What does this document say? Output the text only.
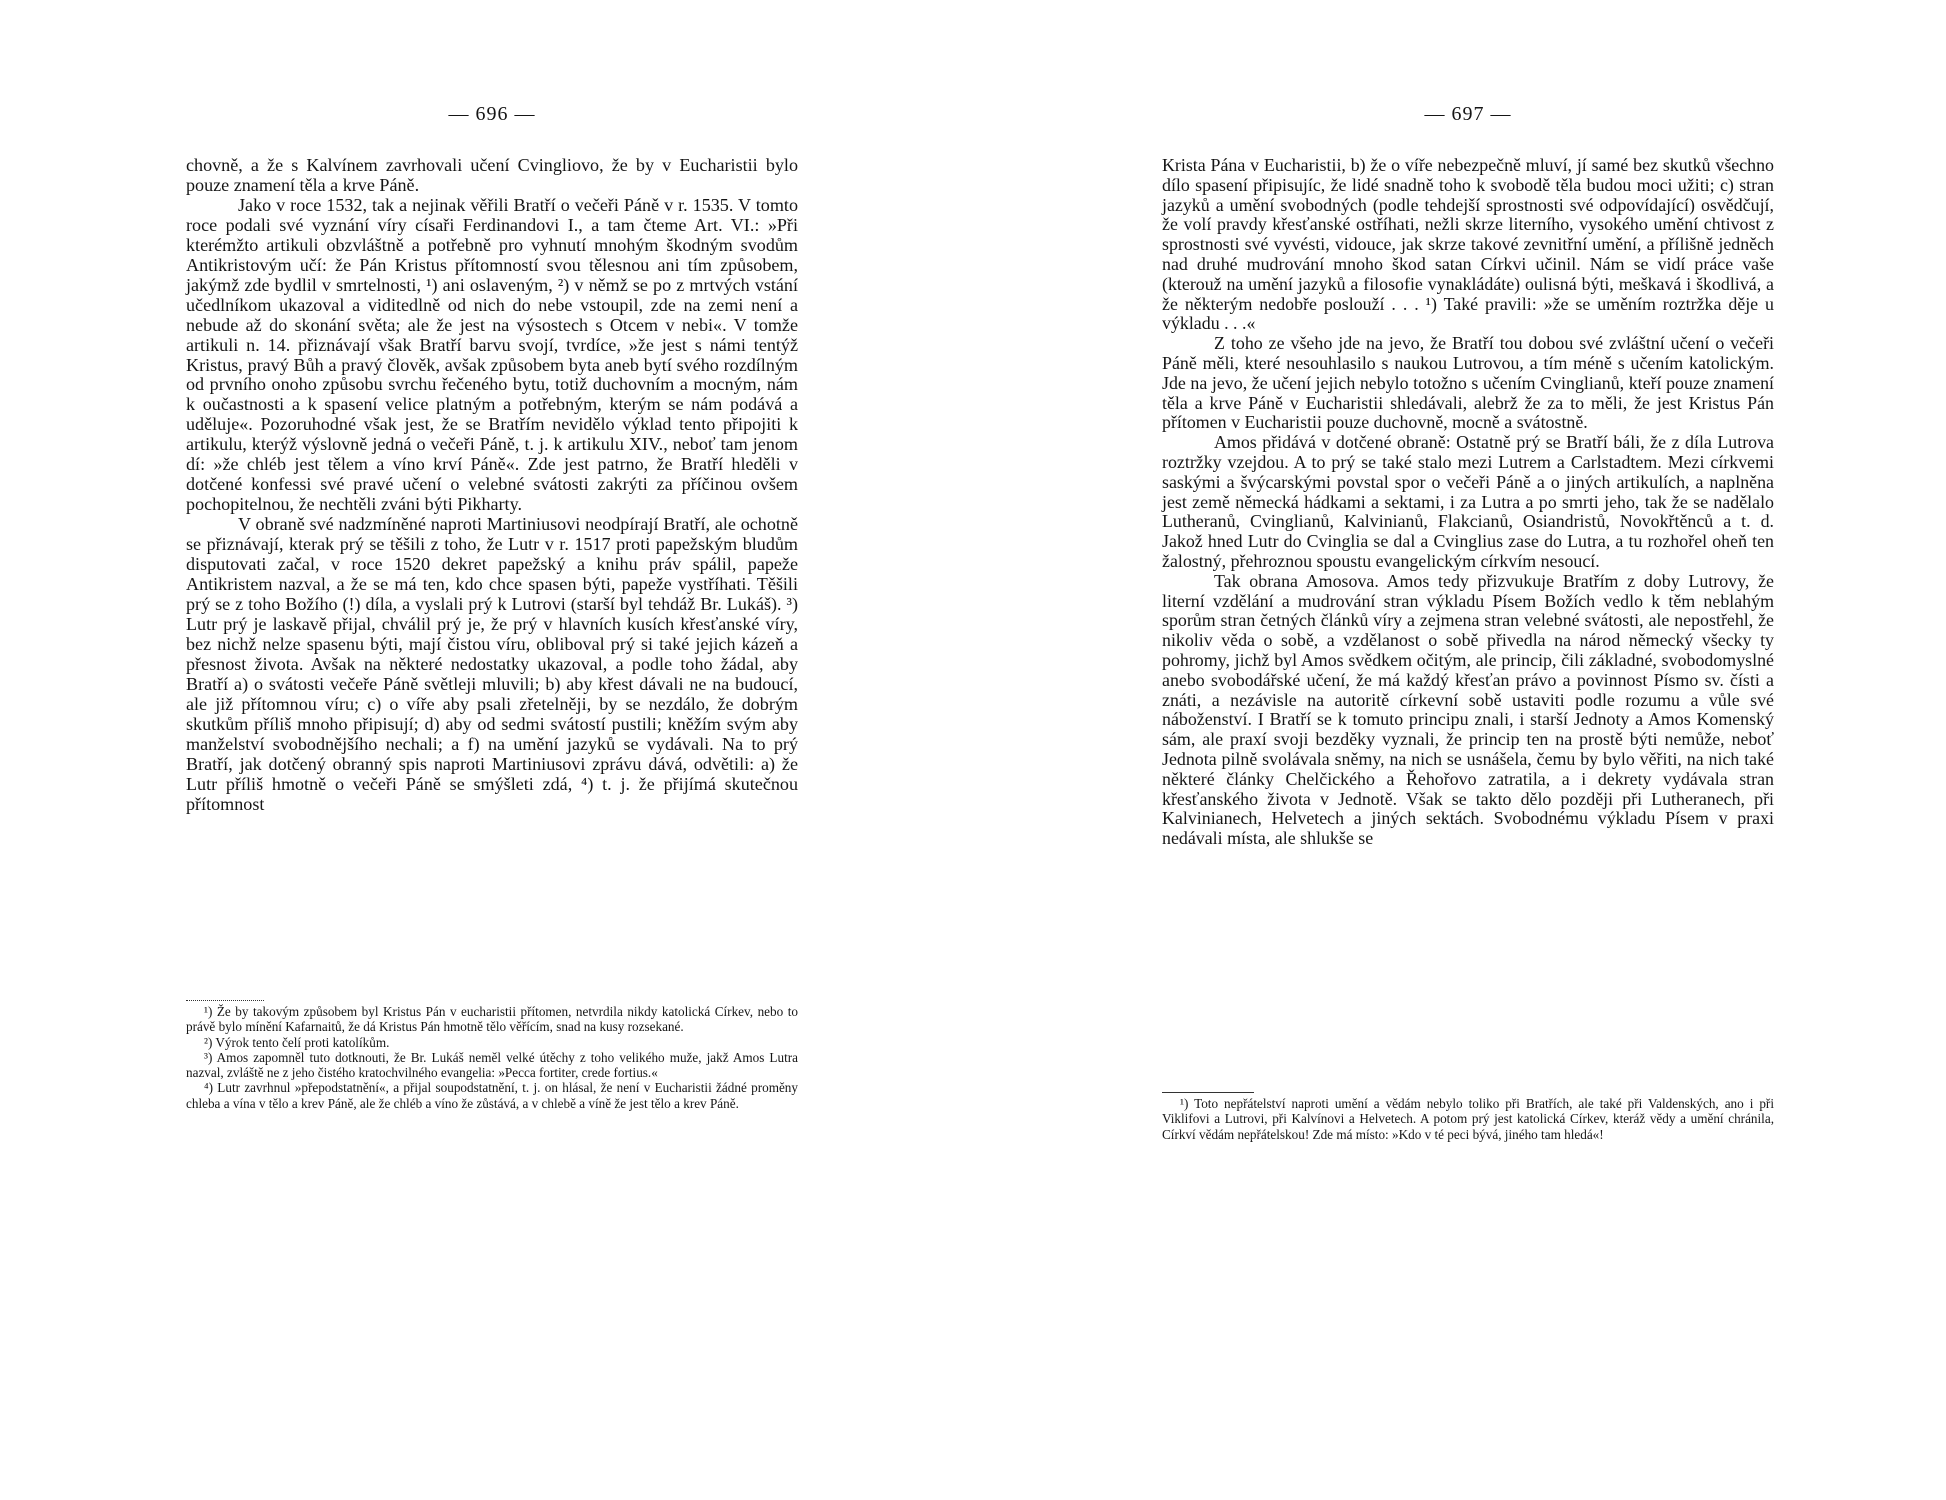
— 696 —

chovně, a že s Kalvínem zavrhovali učení Cvingliovo, že by v Eucharistii bylo pouze znamení těla a krve Páně.

Jako v roce 1532, tak a nejinak věřili Bratří o večeři Páně v r. 1535. V tomto roce podali své vyznání víry císaři Ferdinandovi I., a tam čteme Art. VI.: »Při kterémžto artikuli obzvláštně a potřebně pro vyhnutí mnohým škodným svodům Antikristovým učí: že Pán Kristus přítomností svou tělesnou ani tím způsobem, jakýmž zde bydlil v smrtelnosti, ¹) ani oslaveným, ²) v němž se po z mrtvých vstání učedlníkom ukazoval a viditedlně od nich do nebe vstoupil, zde na zemi není a nebude až do skonání světa; ale že jest na výsostech s Otcem v nebi«. V tomže artikuli n. 14. přiznávají však Bratří barvu svojí, tvrdíce, »že jest s námi tentýž Kristus, pravý Bůh a pravý člověk, avšak způsobem byta aneb bytí svého rozdílným od prvního onoho způsobu svrchu řečeného bytu, totiž duchovním a mocným, nám k oučastnosti a k spasení velice platným a potřebným, kterým se nám podává a uděluje«. Pozoruhodné však jest, že se Bratřím nevidělo výklad tento připojiti k artikulu, kterýž výslovně jedná o večeři Páně, t. j. k artikulu XIV., neboť tam jenom dí: »že chléb jest tělem a víno krví Páně«. Zde jest patrno, že Bratří hleděli v dotčené konfessi své pravé učení o velebné svátosti zakrýti za příčinou ovšem pochopitelnou, že nechtěli zváni býti Pikharty.

V obraně své nadzmíněné naproti Martiniusovi neodpírají Bratří, ale ochotně se přiznávají, kterak prý se těšili z toho, že Lutr v r. 1517 proti papežským bludům disputovati začal, v roce 1520 dekret papežský a knihu práv spálil, papeže Antikristem nazval, a že se má ten, kdo chce spasen býti, papeže vystříhati. Těšili prý se z toho Božího (!) díla, a vyslali prý k Lutrovi (starší byl tehdáž Br. Lukáš). ³) Lutr prý je laskavě přijal, chválil prý je, že prý v hlavních kusích křesťanské víry, bez nichž nelze spasenu býti, mají čistou víru, obliboval prý si také jejich kázeň a přesnost života. Avšak na některé nedostatky ukazoval, a podle toho žádal, aby Bratří a) o svátosti večeře Páně světleji mluvili; b) aby křest dávali ne na budoucí, ale již přítomnou víru; c) o víře aby psali zřetelněji, by se nezdálo, že dobrým skutkům příliš mnoho připisují; d) aby od sedmi svátostí pustili; kněžím svým aby manželství svobodnějšího nechali; a f) na umění jazyků se vydávali. Na to prý Bratří, jak dotčený obranný spis naproti Martiniusovi zprávu dává, odvětili: a) že Lutr příliš hmotně o večeři Páně se smýšleti zdá, ⁴) t. j. že přijímá skutečnou přítomnost

¹) Že by takovým způsobem byl Kristus Pán v eucharistii přítomen, netvrdila nikdy katolická Církev, nebo to právě bylo mínění Kafarnaitů, že dá Kristus Pán hmotně tělo věřícím, snad na kusy rozsekané.

²) Výrok tento čelí proti katolíkům.

³) Amos zapomněl tuto dotknouti, že Br. Lukáš neměl velké útěchy z toho velikého muže, jakž Amos Lutra nazval, zvláště ne z jeho čistého kratochvilného evangelia: »Pecca fortiter, crede fortius.«

⁴) Lutr zavrhnul »přepodstatnění«, a přijal soupodstatnění, t. j. on hlásal, že není v Eucharistii žádné proměny chleba a vína v tělo a krev Páně, ale že chléb a víno že zůstává, a v chlebě a víně že jest tělo a krev Páně.

— 697 —

Krista Pána v Eucharistii, b) že o víře nebezpečně mluví, jí samé bez skutků všechno dílo spasení připisujíc, že lidé snadně toho k svobodě těla budou moci užiti; c) stran jazyků a umění svobodných (podle tehdejší sprostnosti své odpovídající) osvědčují, že volí pravdy křesťanské ostříhati, nežli skrze literního, vysokého umění chtivost z sprostnosti své vyvésti, vidouce, jak skrze takové zevnitřní umění, a přílišně jedněch nad druhé mudrování mnoho škod satan Církvi učinil. Nám se vidí práce vaše (kterouž na umění jazyků a filosofie vynakládáte) oulisná býti, meškavá i škodlivá, a že některým nedobře poslouží . . . ¹) Také pravili: »že se uměním roztržka děje u výkladu . . .«

Z toho ze všeho jde na jevo, že Bratří tou dobou své zvláštní učení o večeři Páně měli, které nesouhlasilo s naukou Lutrovou, a tím méně s učením katolickým. Jde na jevo, že učení jejich nebylo totožno s učením Cvinglianů, kteří pouze znamení těla a krve Páně v Eucharistii shledávali, alebrž že za to měli, že jest Kristus Pán přítomen v Eucharistii pouze duchovně, mocně a svátostně.

Amos přidává v dotčené obraně: Ostatně prý se Bratří báli, že z díla Lutrova roztržky vzejdou. A to prý se také stalo mezi Lutrem a Carlstadtem. Mezi církvemi saskými a švýcarskými povstal spor o večeři Páně a o jiných artikulích, a naplněna jest země německá hádkami a sektami, i za Lutra a po smrti jeho, tak že se nadělalo Lutheranů, Cvinglianů, Kalvinianů, Flakcianů, Osiandristů, Novokřtěnců a t. d. Jakož hned Lutr do Cvinglia se dal a Cvinglius zase do Lutra, a tu rozhořel oheň ten žalostný, přehroznou spoustu evangelickým církvím nesoucí.

Tak obrana Amosova. Amos tedy přizvukuje Bratřím z doby Lutrovy, že literní vzdělání a mudrování stran výkladu Písem Božích vedlo k těm neblahým sporům stran četných článků víry a zejmena stran velebné svátosti, ale nepostřehl, že nikoliv věda o sobě, a vzdělanost o sobě přivedla na národ německý všecky ty pohromy, jichž byl Amos svědkem očitým, ale princip, čili základné, svobodomyslné anebo svobodářské učení, že má každý křesťan právo a povinnost Písmo sv. čísti a znáti, a nezávisle na autoritě církevní sobě ustaviti podle rozumu a vůle své náboženství. I Bratří se k tomuto principu znali, i starší Jednoty a Amos Komenský sám, ale praxí svoji bezděky vyznali, že princip ten na prostě býti nemůže, neboť Jednota pilně svolávala sněmy, na nich se usnášela, čemu by bylo věřiti, na nich také některé články Chelčického a Řehořovo zatratila, a i dekrety vydávala stran křesťanského života v Jednotě. Však se takto dělo později při Lutheranech, při Kalvinianech, Helvetech a jiných sektách. Svobodnému výkladu Písem v praxi nedávali místa, ale shlukše se

¹) Toto nepřátelství naproti umění a vědám nebylo toliko při Bratřích, ale také při Valdenských, ano i při Viklifovi a Lutrovi, při Kalvínovi a Helvetech. A potom prý jest katolická Církev, kteráž vědy a umění chránila, Církví vědám nepřátelskou! Zde má místo: »Kdo v té peci bývá, jiného tam hledá«!
